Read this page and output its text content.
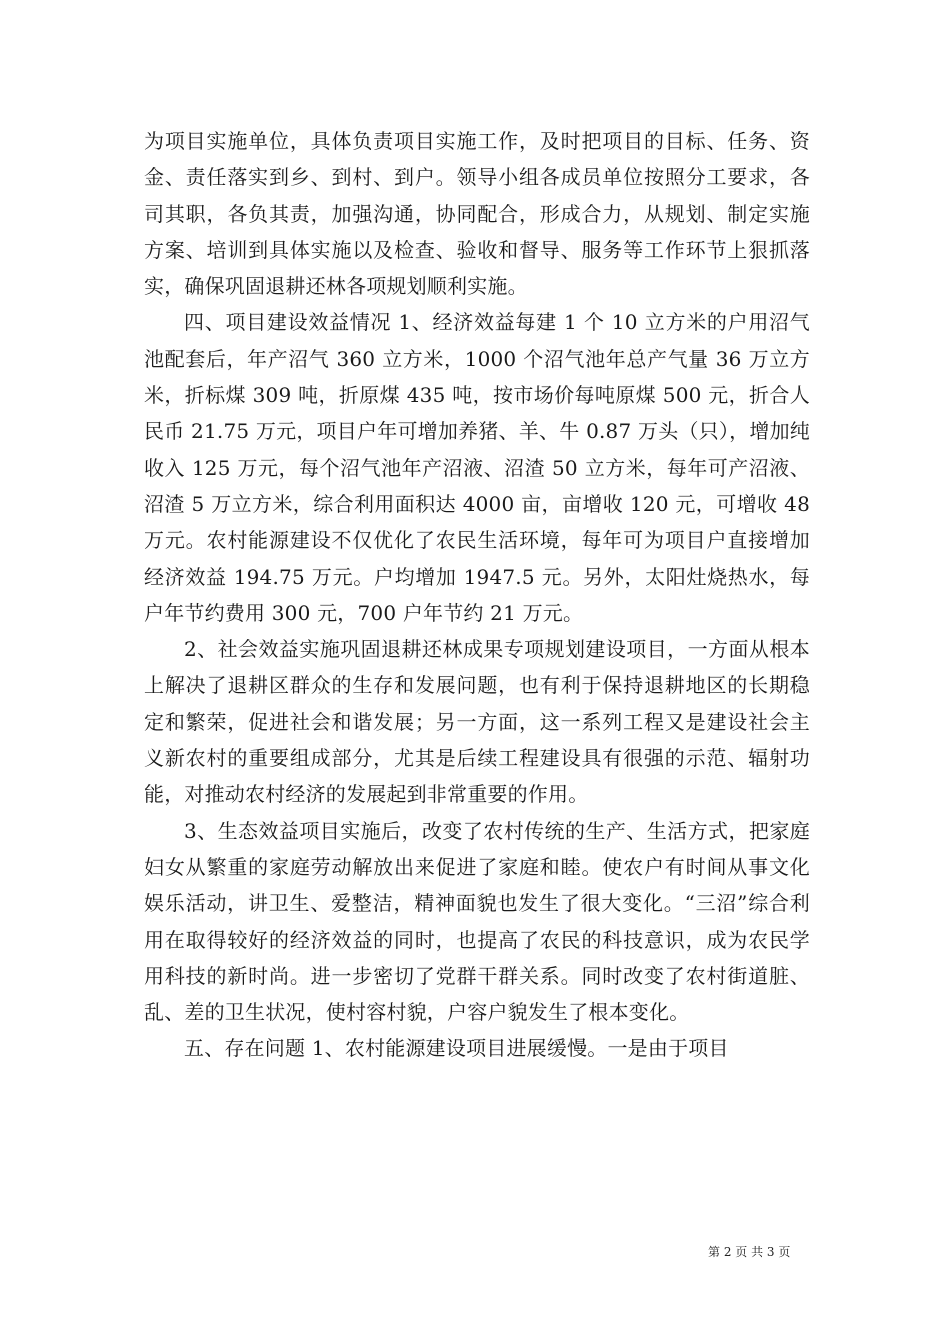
为项目实施单位，具体负责项目实施工作，及时把项目的目标、任务、资金、责任落实到乡、到村、到户。领导小组各成员单位按照分工要求，各司其职，各负其责，加强沟通，协同配合，形成合力，从规划、制定实施方案、培训到具体实施以及检查、验收和督导、服务等工作环节上狠抓落实，确保巩固退耕还林各项规划顺利实施。

四、项目建设效益情况 1、经济效益每建 1 个 10 立方米的户用沼气池配套后，年产沼气 360 立方米，1000 个沼气池年总产气量 36 万立方米，折标煤 309 吨，折原煤 435 吨，按市场价每吨原煤 500 元，折合人民币 21.75 万元，项目户年可增加养猪、羊、牛 0.87 万头（只），增加纯收入 125 万元，每个沼气池年产沼液、沼渣 50 立方米，每年可产沼液、沼渣 5 万立方米，综合利用面积达 4000 亩，亩增收 120 元，可增收 48 万元。农村能源建设不仅优化了农民生活环境，每年可为项目户直接增加经济效益 194.75 万元。户均增加 1947.5 元。另外，太阳灶烧热水，每户年节约费用 300 元，700 户年节约 21 万元。

2、社会效益实施巩固退耕还林成果专项规划建设项目，一方面从根本上解决了退耕区群众的生存和发展问题，也有利于保持退耕地区的长期稳定和繁荣，促进社会和谐发展；另一方面，这一系列工程又是建设社会主义新农村的重要组成部分，尤其是后续工程建设具有很强的示范、辐射功能，对推动农村经济的发展起到非常重要的作用。

3、生态效益项目实施后，改变了农村传统的生产、生活方式，把家庭妇女从繁重的家庭劳动解放出来促进了家庭和睦。使农户有时间从事文化娱乐活动，讲卫生、爱整洁，精神面貌也发生了很大变化。“三沼”综合利用在取得较好的经济效益的同时，也提高了农民的科技意识，成为农民学用科技的新时尚。进一步密切了党群干群关系。同时改变了农村街道脏、乱、差的卫生状况，使村容村貌，户容户貌发生了根本变化。

五、存在问题 1、农村能源建设项目进展缓慢。一是由于项目

第 2 页 共 3 页
